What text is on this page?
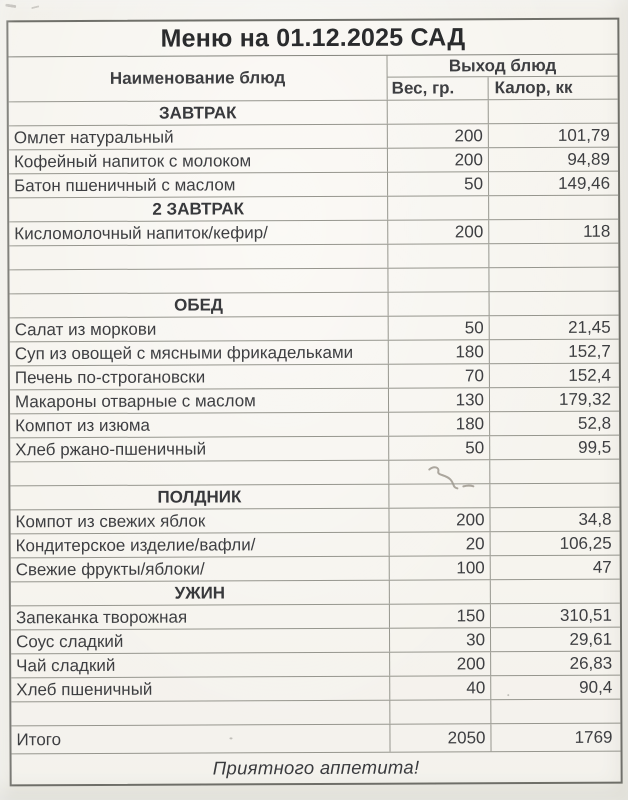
Меню на 01.12.2025 САД
Наименование блюд
Выход блюд
Вес, гр.	Калор, кк
ЗАВТРАК
Омлет натуральный	200	101,79
Кофейный напиток с молоком	200	94,89
Батон пшеничный с маслом	50	149,46
2 ЗАВТРАК
Кисломолочный напиток/кефир/	200	118
ОБЕД
Салат из моркови	50	21,45
Суп из овощей с мясными фрикадельками	180	152,7
Печень по-строгановски	70	152,4
Макароны отварные с маслом	130	179,32
Компот из изюма	180	52,8
Хлеб ржано-пшеничный	50	99,5
ПОЛДНИК
Компот из свежих яблок	200	34,8
Кондитерское изделие/вафли/	20	106,25
Свежие фрукты/яблоки/	100	47
УЖИН
Запеканка творожная	150	310,51
Соус сладкий	30	29,61
Чай сладкий	200	26,83
Хлеб пшеничный	40	90,4
Итого	2050	1769
Приятного аппетита!
